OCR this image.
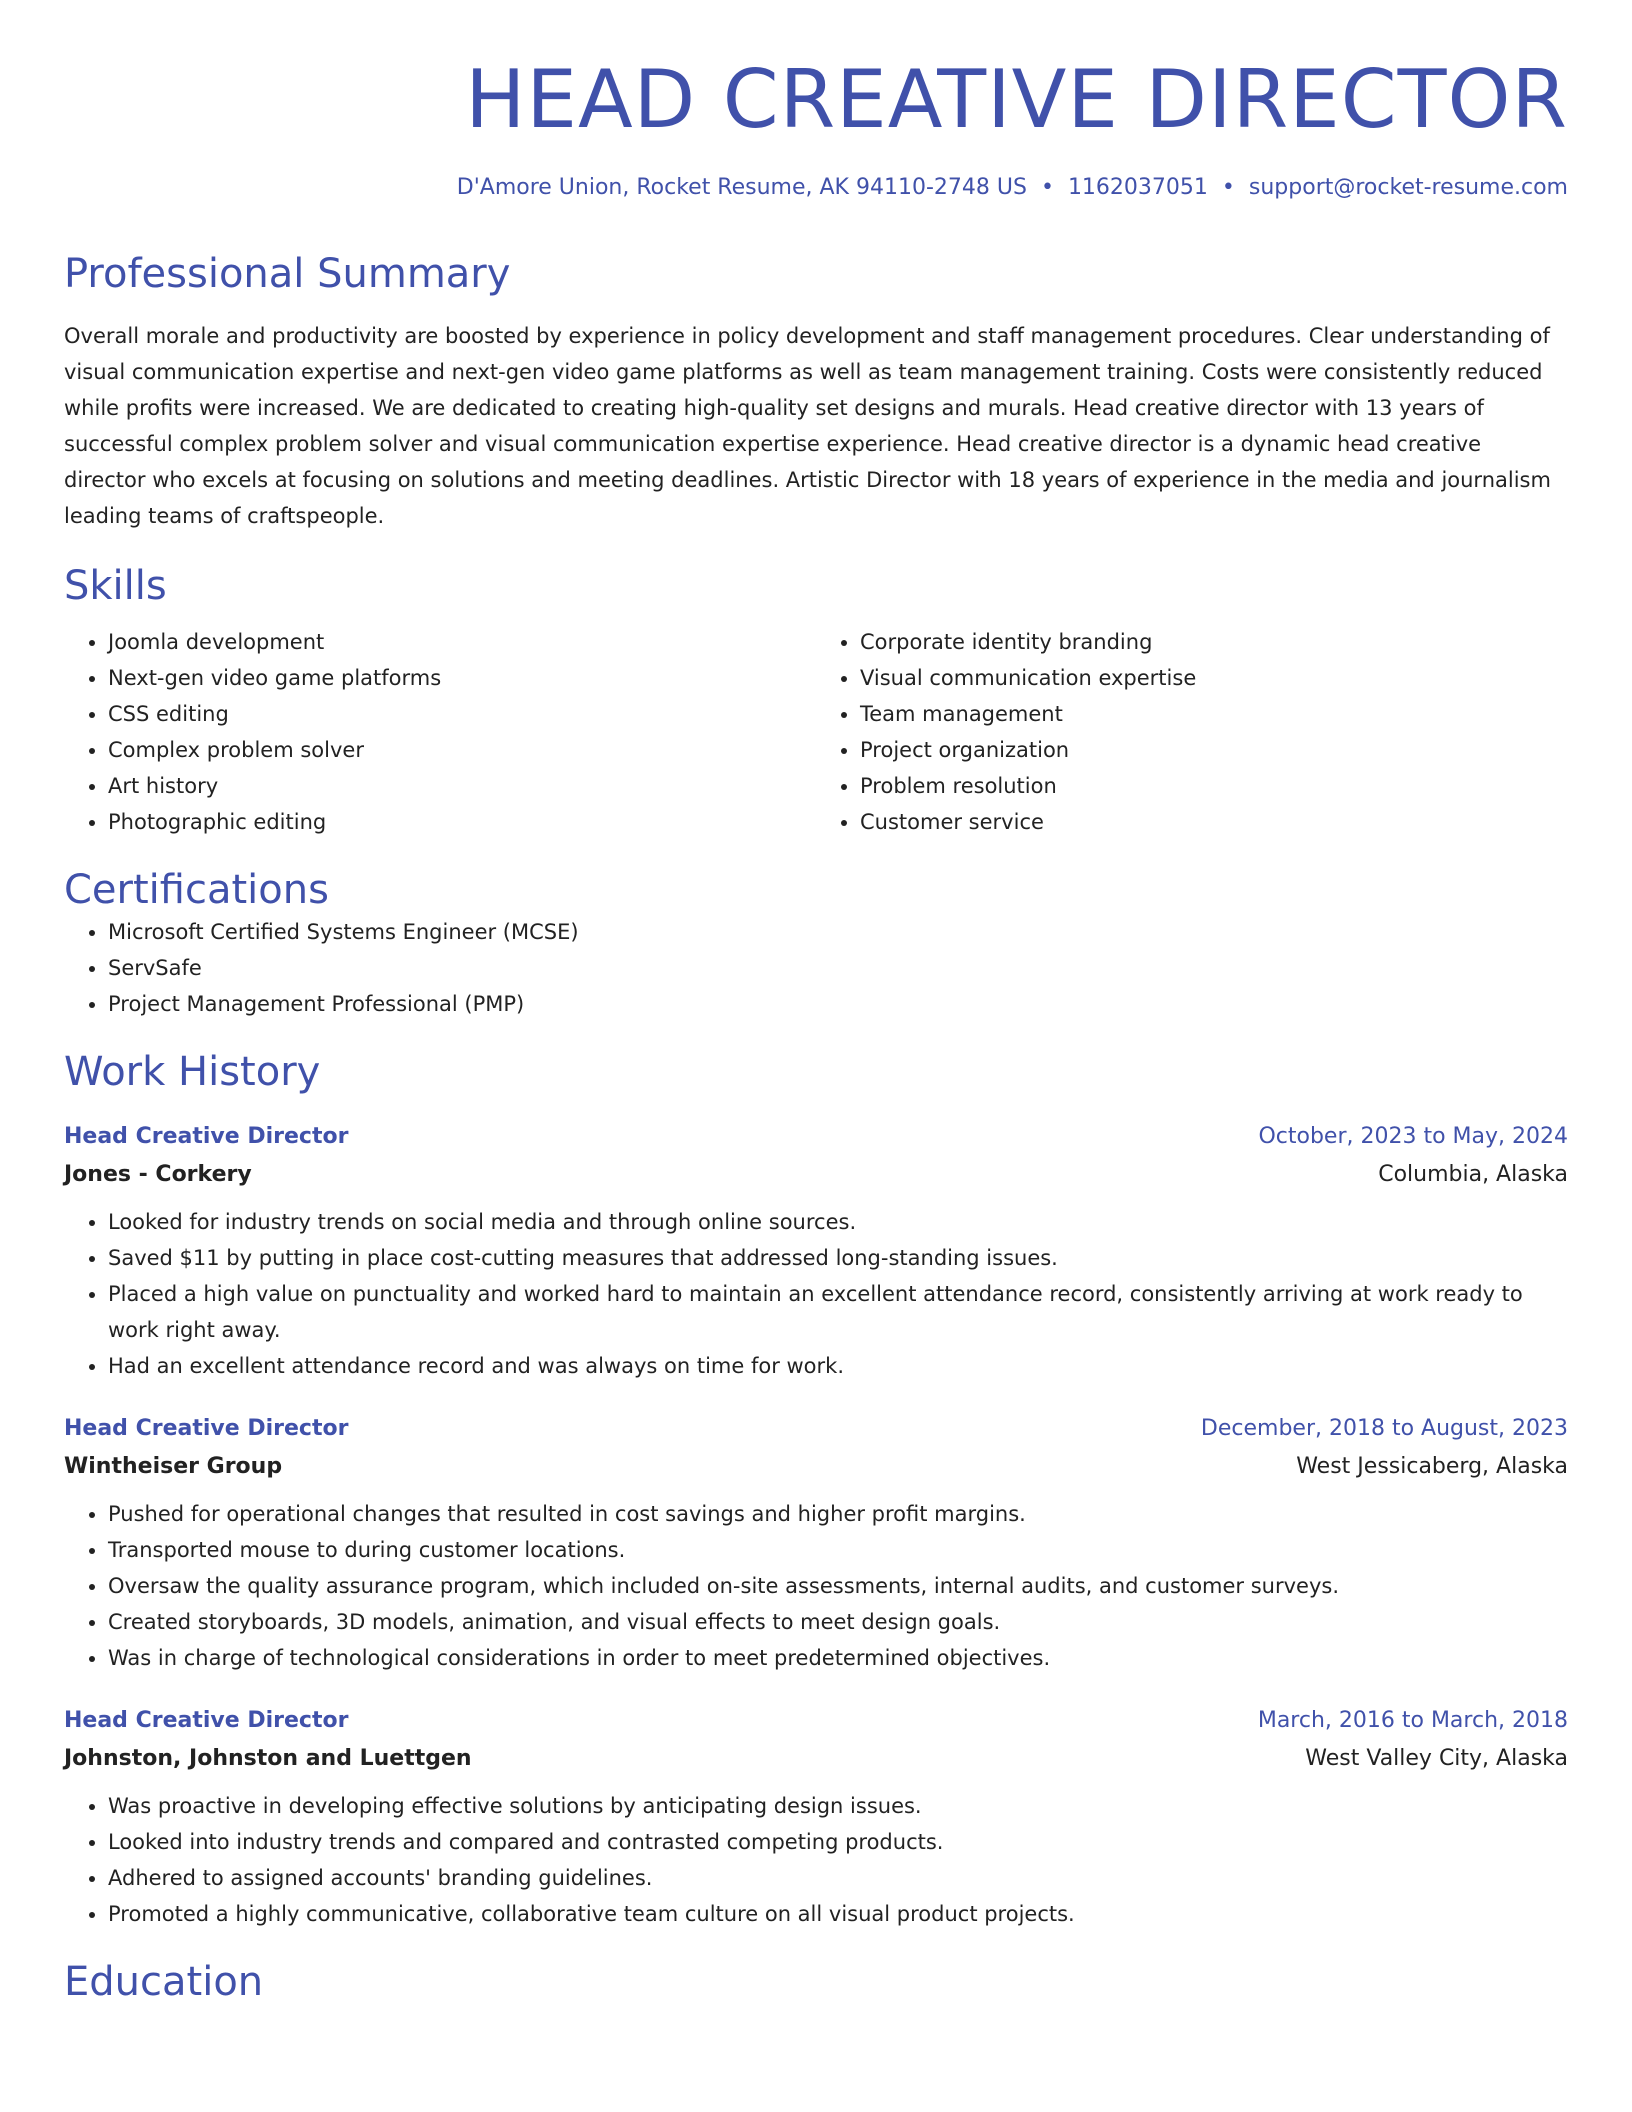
HEAD CREATIVE DIRECTOR
D'Amore Union, Rocket Resume, AK 94110-2748 US • 1162037051 • support@rocket-resume.com
Professional Summary

Overall morale and productivity are boosted by experience in policy development and staff management procedures. Clear understanding of visual communication expertise and next-gen video game platforms as well as team management training. Costs were consistently reduced while profits were increased. We are dedicated to creating high-quality set designs and murals. Head creative director with 13 years of successful complex problem solver and visual communication expertise experience. Head creative director is a dynamic head creative director who excels at focusing on solutions and meeting deadlines. Artistic Director with 18 years of experience in the media and journalism leading teams of craftspeople.

Skills
• Joomla development
• Next-gen video game platforms
• CSS editing
• Complex problem solver
• Art history
• Photographic editing
• Corporate identity branding
• Visual communication expertise
• Team management
• Project organization
• Problem resolution
• Customer service
Certifications
• Microsoft Certified Systems Engineer (MCSE)
• ServSafe
• Project Management Professional (PMP)
Work History
Head Creative Director	October, 2023 to May, 2024
Jones - Corkery	Columbia, Alaska
• Looked for industry trends on social media and through online sources.
• Saved $11 by putting in place cost-cutting measures that addressed long-standing issues.
• Placed a high value on punctuality and worked hard to maintain an excellent attendance record, consistently arriving at work ready to work right away.
• Had an excellent attendance record and was always on time for work.
Head Creative Director	December, 2018 to August, 2023
Wintheiser Group	West Jessicaberg, Alaska
• Pushed for operational changes that resulted in cost savings and higher profit margins.
• Transported mouse to during customer locations.
• Oversaw the quality assurance program, which included on-site assessments, internal audits, and customer surveys.
• Created storyboards, 3D models, animation, and visual effects to meet design goals.
• Was in charge of technological considerations in order to meet predetermined objectives.
Head Creative Director	March, 2016 to March, 2018
Johnston, Johnston and Luettgen	West Valley City, Alaska
• Was proactive in developing effective solutions by anticipating design issues.
• Looked into industry trends and compared and contrasted competing products.
• Adhered to assigned accounts' branding guidelines.
• Promoted a highly communicative, collaborative team culture on all visual product projects.
Education
